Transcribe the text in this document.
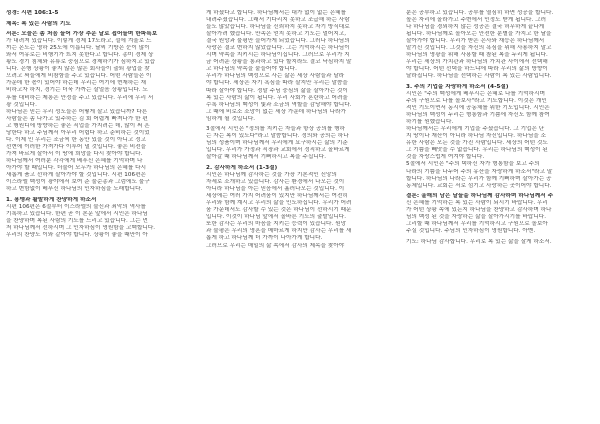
성경: 시편 106:1-5
제목: 복 있는 사람의 기도
서론: 오늘은 좀 처음 들어 가장 추운 날로 접어들며 한파특보
가 내려져 있습니다. 이렇게 경제 17도라고, 설에 겨울로 느
끼는 온도는 영하 25도에 이릅니다. 날씨 기방은 눈이 많이
와서 여유로는 비행기가 뜨지 못한다고 합니다. 종미 경제 상
황도 경기 침체와 유류로 중심으로 경제하기가 심하지고 있습
니다. 은행 상황이 좋지 않은 많은 회사들이 출퇴 광업을 찾
으려고 써들에게 비참함을 주고 있습니다. 어떤 사람들은 이
가운데 한 몫이 있어야 하는데 우리는 여기에 현재하는 재
비하고자 하지, 경기는 더욱 가까는 살얼음 상황입니다. 노
후를 대비하는 제롱은 안정을 주고 있습니다. 우리에 우리 서
광 것입니다.
하나님은 믿는 우리 성도들은 어떻게 살고 있습니까? 다른
사람들은 좀 나가고 있주하는 김 회 어렵게 빠져나가 한 편
고 행원디에 방향하는 좋은 직업을 가지려는 데, 많이 써 흔
당한다 하고 주님께서 아무리 어렵다 하고 준비하는 것이었
다. 이제 인 우리는 조금씩 한 동안 있을 것이 아니고 정고
선현에 이러한 가져가다 이루어 낼 것입니다. 좋은 비전을
가져 바르게 살아서 이 땅에 희망을 다시 찾아야 합니다.
하나님께서 여러분 각각에게 베푸신 은혜를 기억하며 나
아가야 할 때입니다. 더불어 모두가 하나님의 은혜를 다시
새롭게 품고 선하게 살아가야 할 것입니다. 시편 106편은
이스라엘 백성이 광야에서 보여 준 불순종과 그럼에도 불구
하고 변함없이 베푸신 하나님의 인자하심을 노래합니다.
1. 용맹과 활발하게 찬양하게 하소서
시편 106편은 6절부터 이스라엘의 불신과 죄악의 역사를
기록하고 있습니다. 한편 곧 이 본문 앞에서 시인은 하나님
을 찬양하며 복된 사람의 기도를 드리고 있습니다. 그는 먼
저 하나님께서 선하시며 그 인자하심이 영원함을 고백합니다.
우리의 찬양도 이와 같아야 합니다. 상황이 좋을 때만이 아
게 하셨다고 합니다. 하나님께서는 대가 없이 없는 은혜를
내려주셨습니다. 그래서 기다리지 못하고 조급해 하는 사람
들도 많았습니다. 하나님을 신뢰하지 못하고 자기 방식대로
살아가려 했습니다. 만족은 얻지 못하고 기도는 멀어지고,
결국 원망과 불평만 늘어가게 되었습니다. 그러나 하나님의
사랑은 결코 변하지 않았습니다. 그는 기억하시는 하나님이
시며 약속을 지키시는 하나님이십니다. 그러므로 우리가 지
금 어려운 상황을 통과하고 있다 할지라도 결코 낙심하지 말
고 하나님의 약속을 붙들어야 합니다.
우리가 하나님의 백성으로 사는 삶은 세상 사람들과 달라
야 합니다. 세상은 자기 욕심을 따라 살지만 우리는 말씀을
따라 살아야 합니다. 정말 주님 중심의 삶을 살아가는 것이
복 있는 사람의 삶이 됩니다. 우리 사회가 혼란하고 어려울
수록 하나님의 백성이 빛과 소금의 역할을 감당해야 합니다.
그 때에 비로소 소망이 없는 세상 가운데 하나님의 나라가
임하게 될 것입니다.
3절에서 시인은 "정의를 지키는 자들과 항상 공의를 행하
는 자는 복이 있도다"라고 말씀합니다. 정의와 공의는 하나
님의 성품이며 하나님께서 우리에게 요구하시는 삶의 기준
입니다. 우리가 가정과 직장과 교회에서 정직하고 올바르게
살아갈 때 하나님께서 기뻐하시고 복을 주십니다.
2. 감사하게 하소서 (1-3절)
시인은 하나님께 감사하는 것을 가장 기본적인 신앙의
자세로 소개하고 있습니다. 감사는 환경에서 나오는 것이
아니라 하나님을 아는 믿음에서 흘러나오는 것입니다. 이
세상에는 여러 가지 어려움이 있지만 하나님께서는 여전히
우리와 함께 계시고 우리의 삶을 인도하십니다. 우리가 어려
움 가운데서도 감사할 수 있는 것은 하나님이 선하시기 때문
입니다. 이것이 하나님 앞에서 올바른 기도의 출발입니다.
또한 감사는 우리의 마음을 지키는 능력이 있습니다. 원망
과 불평은 우리의 영혼을 메마르게 하지만 감사는 우리를 새
롭게 하고 하나님께 더 가까이 나아가게 합니다.
그러므로 우리는 매일의 삶 속에서 감사의 제목을 찾아야
분은 공부하고 있습니다. 공부를 열심히 하면 성공을 합니다.
높은 자리에 올라가고 주변에서 인정도 받게 됩니다. 그러
나 하나님을 경외하지 않는 성공은 결국 허무하게 끝나게
됩니다. 하나님께로 돌아오는 안전한 분별을 가지고 한 날을
살아가야 합니다. 우리가 받은 은사와 재능은 하나님께서
맡기신 것입니다. 그것을 자신의 욕심을 위해 사용하지 말고
하나님의 영광을 위해 사용할 때 참된 복을 누리게 됩니다.
우리는 세상의 가치관과 하나님의 가치관 사이에서 선택해
야 합니다. 어떤 선택을 하느냐에 따라 우리의 삶의 방향이
달라집니다. 하나님을 선택하는 사람이 복 있는 사람입니다.
3. 주의 기업을 자랑하게 하소서 (4-5절)
시인은 "주의 백성에게 베푸시는 은혜로 나를 기억하시며
주의 구원으로 나를 돌보사"라고 기도합니다. 이것은 개인
적인 기도이면서 동시에 공동체를 위한 기도입니다. 시인은
하나님의 백성이 누리는 형통함과 기쁨에 자신도 함께 참여
하기를 원했습니다.
하나님께서는 우리에게 기업을 주셨습니다. 그 기업은 단
지 땅이나 재산이 아니라 하나님 자신입니다. 하나님을 소
유한 사람은 모든 것을 가진 사람입니다. 세상의 어떤 것도
그 기쁨을 빼앗을 수 없습니다. 우리는 하나님의 백성이 된
것을 자랑스럽게 여겨야 합니다.
5절에서 시인은 "주의 택하신 자가 형통함을 보고 주의
나라의 기쁨을 나누어 주의 유산을 자랑하게 하소서"라고 말
합니다. 하나님의 나라는 우리가 함께 기뻐하며 살아가는 공
동체입니다. 교회는 서로 섬기고 사랑하는 곳이어야 합니다.
결론: 올해의 남은 날들을 하나님께 감사하며 하나님께서 주
신 은혜를 기억하는 복 있는 사람이 되시기 바랍니다. 우리
가 어떤 상황 속에 있든지 하나님을 찬양하고 감사하며 하나
님의 백성 된 것을 자랑하는 삶을 살아가시기를 바랍니다.
그리할 때 하나님께서 우리를 기억하시고 구원으로 돌보아
주실 것입니다. 주님의 인자하심이 영원합니다. 아멘.
기도: 하나님 감사합니다. 우리로 복 있는 삶을 살게 하소서.
